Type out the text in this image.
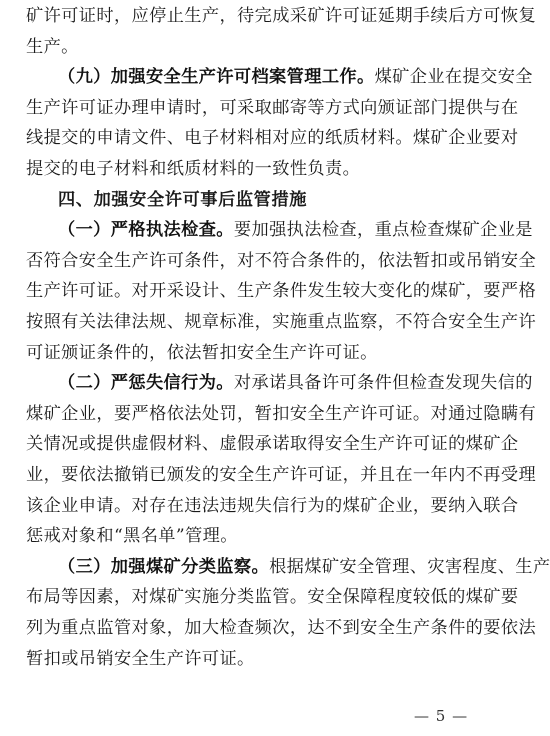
矿许可证时，应停止生产，待完成采矿许可证延期手续后方可恢复
生产。
（九）加强安全生产许可档案管理工作。煤矿企业在提交安全
生产许可证办理申请时，可采取邮寄等方式向颁证部门提供与在
线提交的申请文件、电子材料相对应的纸质材料。煤矿企业要对
提交的电子材料和纸质材料的一致性负责。
四、加强安全许可事后监管措施
（一）严格执法检查。要加强执法检查，重点检查煤矿企业是
否符合安全生产许可条件，对不符合条件的，依法暂扣或吊销安全
生产许可证。对开采设计、生产条件发生较大变化的煤矿，要严格
按照有关法律法规、规章标准，实施重点监察，不符合安全生产许
可证颁证条件的，依法暂扣安全生产许可证。
（二）严惩失信行为。对承诺具备许可条件但检查发现失信的
煤矿企业，要严格依法处罚，暂扣安全生产许可证。对通过隐瞒有
关情况或提供虚假材料、虚假承诺取得安全生产许可证的煤矿企
业，要依法撤销已颁发的安全生产许可证，并且在一年内不再受理
该企业申请。对存在违法违规失信行为的煤矿企业，要纳入联合
惩戒对象和“黑名单”管理。
（三）加强煤矿分类监察。根据煤矿安全管理、灾害程度、生产
布局等因素，对煤矿实施分类监管。安全保障程度较低的煤矿要
列为重点监管对象，加大检查频次，达不到安全生产条件的要依法
暂扣或吊销安全生产许可证。
— 5 —
